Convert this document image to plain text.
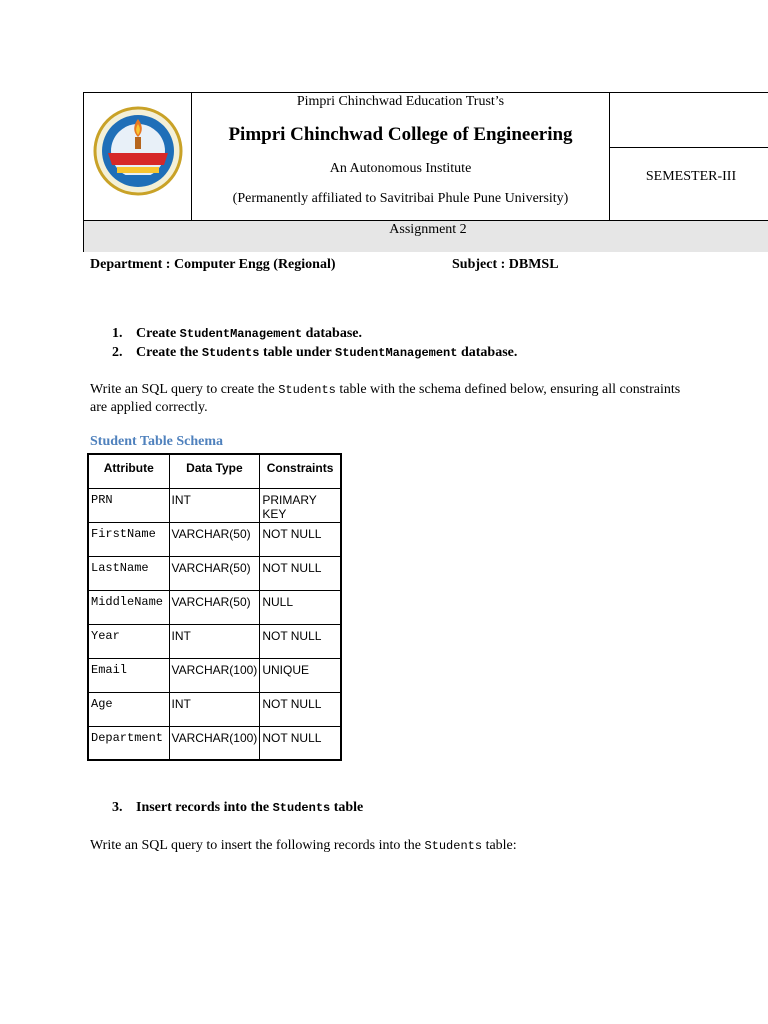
Pimpri Chinchwad Education Trust’s
Pimpri Chinchwad College of Engineering
An Autonomous Institute
(Permanently affiliated to Savitribai Phule Pune University)
SEMESTER-III
Assignment 2
Department : Computer Engg (Regional)	Subject : DBMSL
1. Create StudentManagement database.
2. Create the Students table under StudentManagement database.
Write an SQL query to create the Students table with the schema defined below, ensuring all constraints are applied correctly.
Student Table Schema
Attribute	Data Type	Constraints
PRN	INT	PRIMARY KEY
FirstName	VARCHAR(50)	NOT NULL
LastName	VARCHAR(50)	NOT NULL
MiddleName	VARCHAR(50)	NULL
Year	INT	NOT NULL
Email	VARCHAR(100)	UNIQUE
Age	INT	NOT NULL
Department	VARCHAR(100)	NOT NULL
3. Insert records into the Students table
Write an SQL query to insert the following records into the Students table:
